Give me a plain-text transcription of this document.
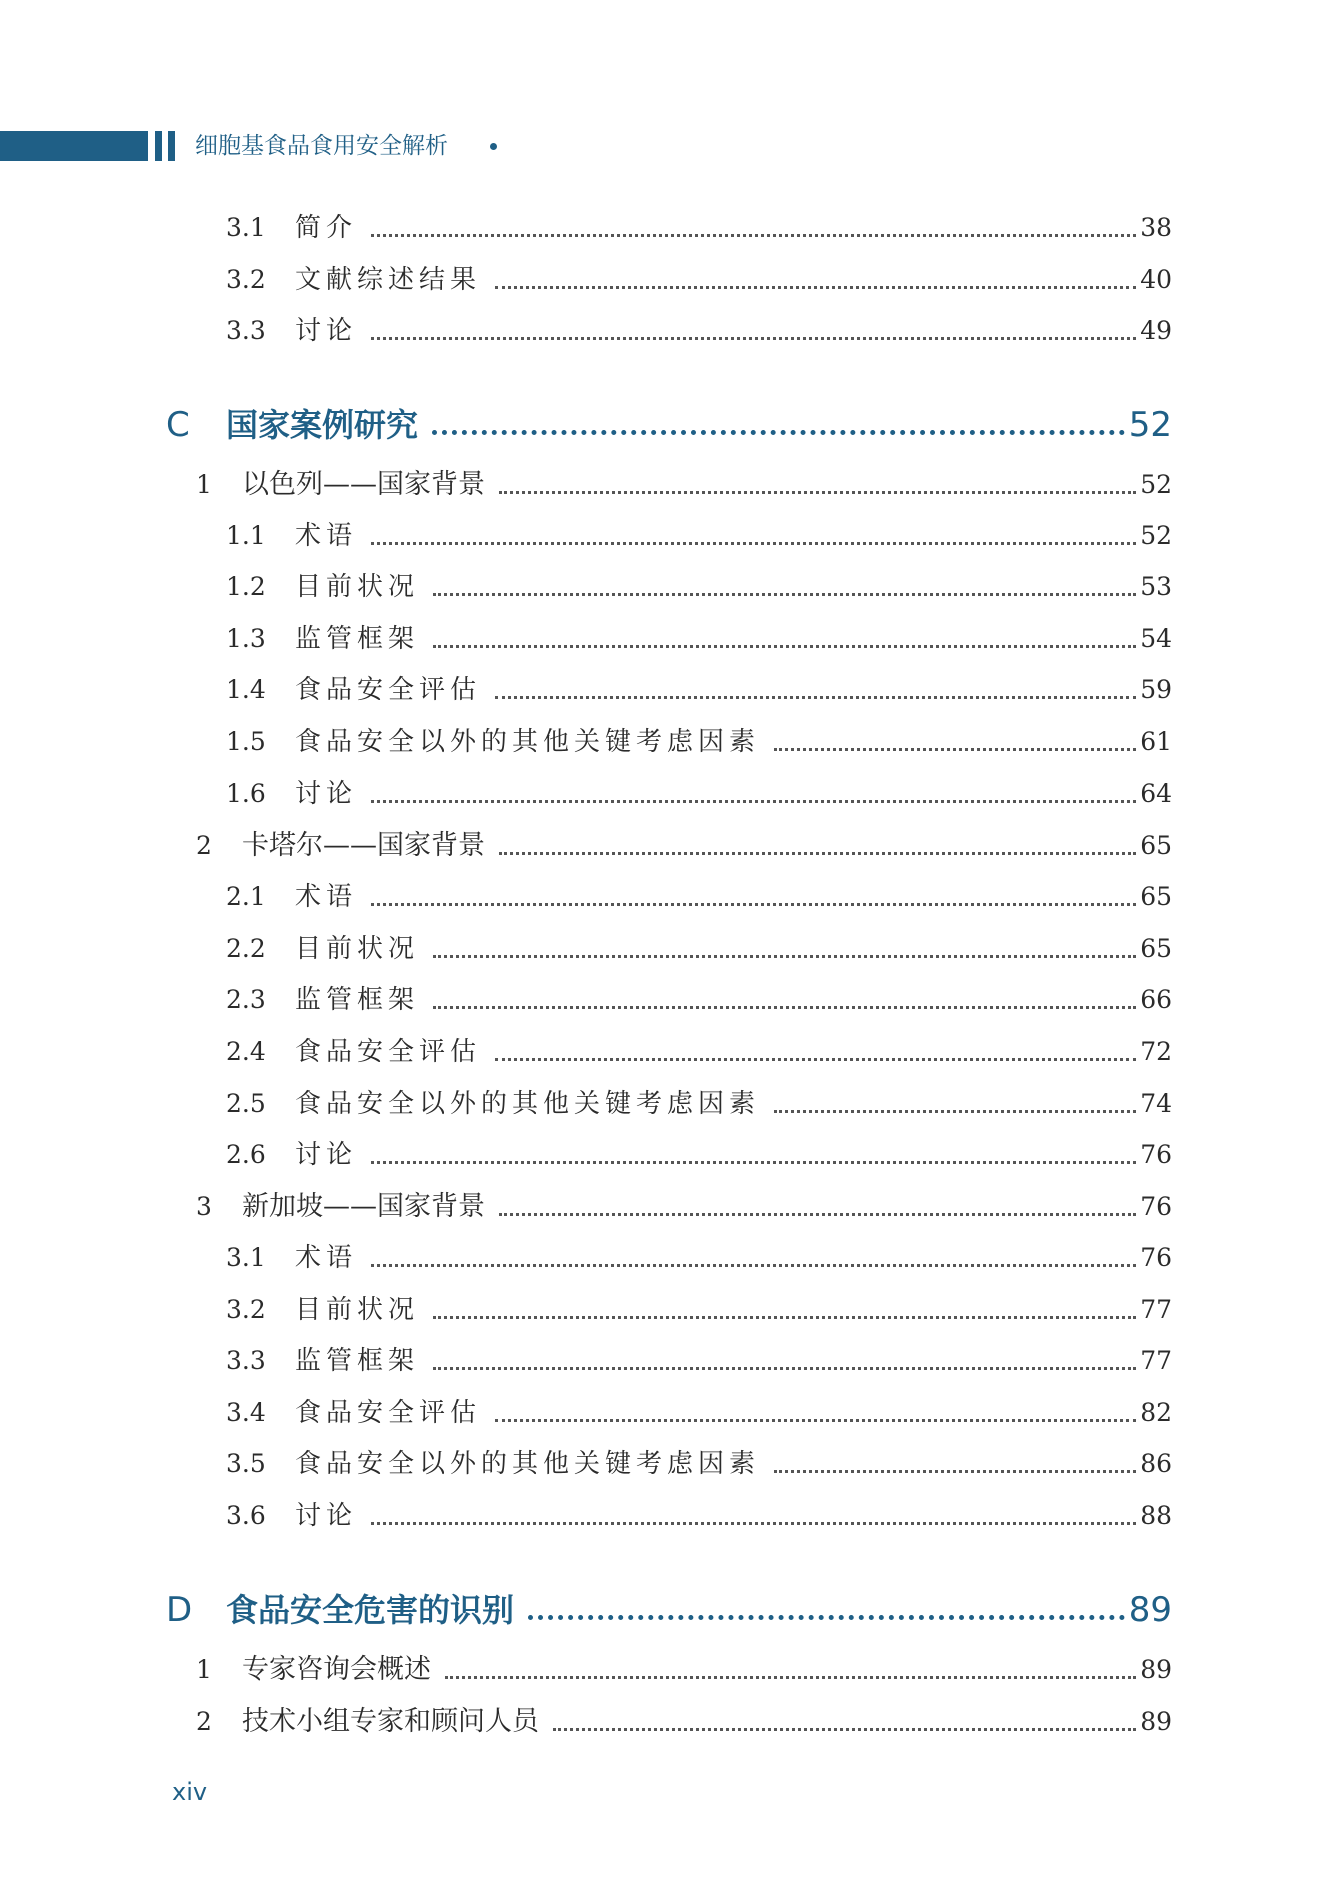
细胞基食品食用安全解析
3.1 简介	38
3.2 文献综述结果	40
3.3 讨论	49
C 国家案例研究	52
1 以色列——国家背景	52
1.1 术语	52
1.2 目前状况	53
1.3 监管框架	54
1.4 食品安全评估	59
1.5 食品安全以外的其他关键考虑因素	61
1.6 讨论	64
2 卡塔尔——国家背景	65
2.1 术语	65
2.2 目前状况	65
2.3 监管框架	66
2.4 食品安全评估	72
2.5 食品安全以外的其他关键考虑因素	74
2.6 讨论	76
3 新加坡——国家背景	76
3.1 术语	76
3.2 目前状况	77
3.3 监管框架	77
3.4 食品安全评估	82
3.5 食品安全以外的其他关键考虑因素	86
3.6 讨论	88
D 食品安全危害的识别	89
1 专家咨询会概述	89
2 技术小组专家和顾问人员	89
xiv
